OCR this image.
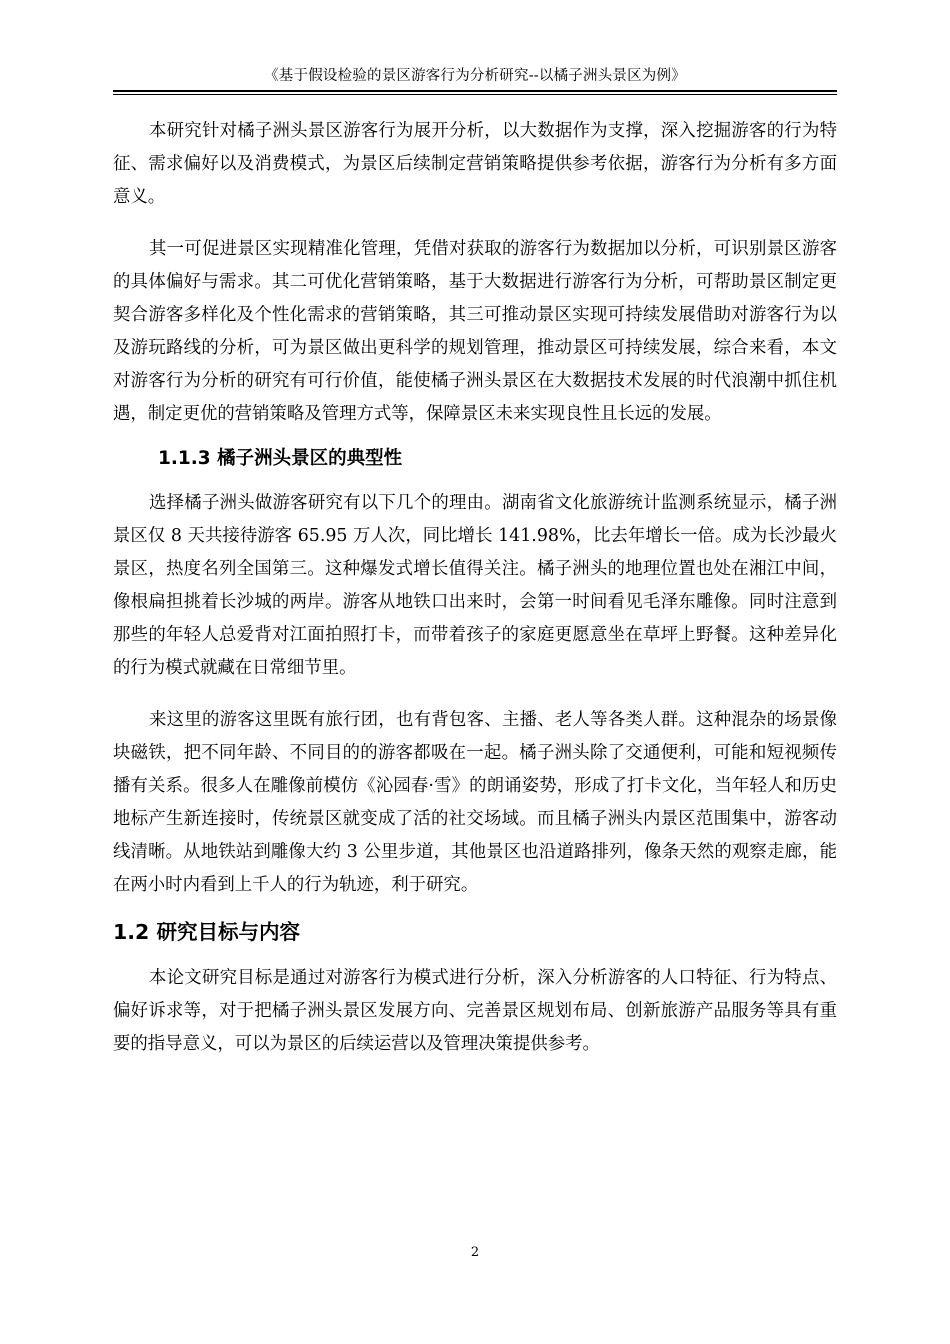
《基于假设检验的景区游客行为分析研究--以橘子洲头景区为例》

本研究针对橘子洲头景区游客行为展开分析，以大数据作为支撑，深入挖掘游客的行为特征、需求偏好以及消费模式，为景区后续制定营销策略提供参考依据，游客行为分析有多方面意义。

其一可促进景区实现精准化管理，凭借对获取的游客行为数据加以分析，可识别景区游客的具体偏好与需求。其二可优化营销策略，基于大数据进行游客行为分析，可帮助景区制定更契合游客多样化及个性化需求的营销策略，其三可推动景区实现可持续发展借助对游客行为以及游玩路线的分析，可为景区做出更科学的规划管理，推动景区可持续发展，综合来看，本文对游客行为分析的研究有可行价值，能使橘子洲头景区在大数据技术发展的时代浪潮中抓住机遇，制定更优的营销策略及管理方式等，保障景区未来实现良性且长远的发展。

1.1.3 橘子洲头景区的典型性

选择橘子洲头做游客研究有以下几个的理由。湖南省文化旅游统计监测系统显示，橘子洲景区仅 8 天共接待游客 65.95 万人次，同比增长 141.98%，比去年增长一倍。成为长沙最火景区，热度名列全国第三。这种爆发式增长值得关注。橘子洲头的地理位置也处在湘江中间，像根扁担挑着长沙城的两岸。游客从地铁口出来时，会第一时间看见毛泽东雕像。同时注意到那些的年轻人总爱背对江面拍照打卡，而带着孩子的家庭更愿意坐在草坪上野餐。这种差异化的行为模式就藏在日常细节里。

来这里的游客这里既有旅行团，也有背包客、主播、老人等各类人群。这种混杂的场景像块磁铁，把不同年龄、不同目的的游客都吸在一起。橘子洲头除了交通便利，可能和短视频传播有关系。很多人在雕像前模仿《沁园春·雪》的朗诵姿势，形成了打卡文化，当年轻人和历史地标产生新连接时，传统景区就变成了活的社交场域。而且橘子洲头内景区范围集中，游客动线清晰。从地铁站到雕像大约 3 公里步道，其他景区也沿道路排列，像条天然的观察走廊，能在两小时内看到上千人的行为轨迹，利于研究。

1.2 研究目标与内容

本论文研究目标是通过对游客行为模式进行分析，深入分析游客的人口特征、行为特点、偏好诉求等，对于把橘子洲头景区发展方向、完善景区规划布局、创新旅游产品服务等具有重要的指导意义，可以为景区的后续运营以及管理决策提供参考。

2
